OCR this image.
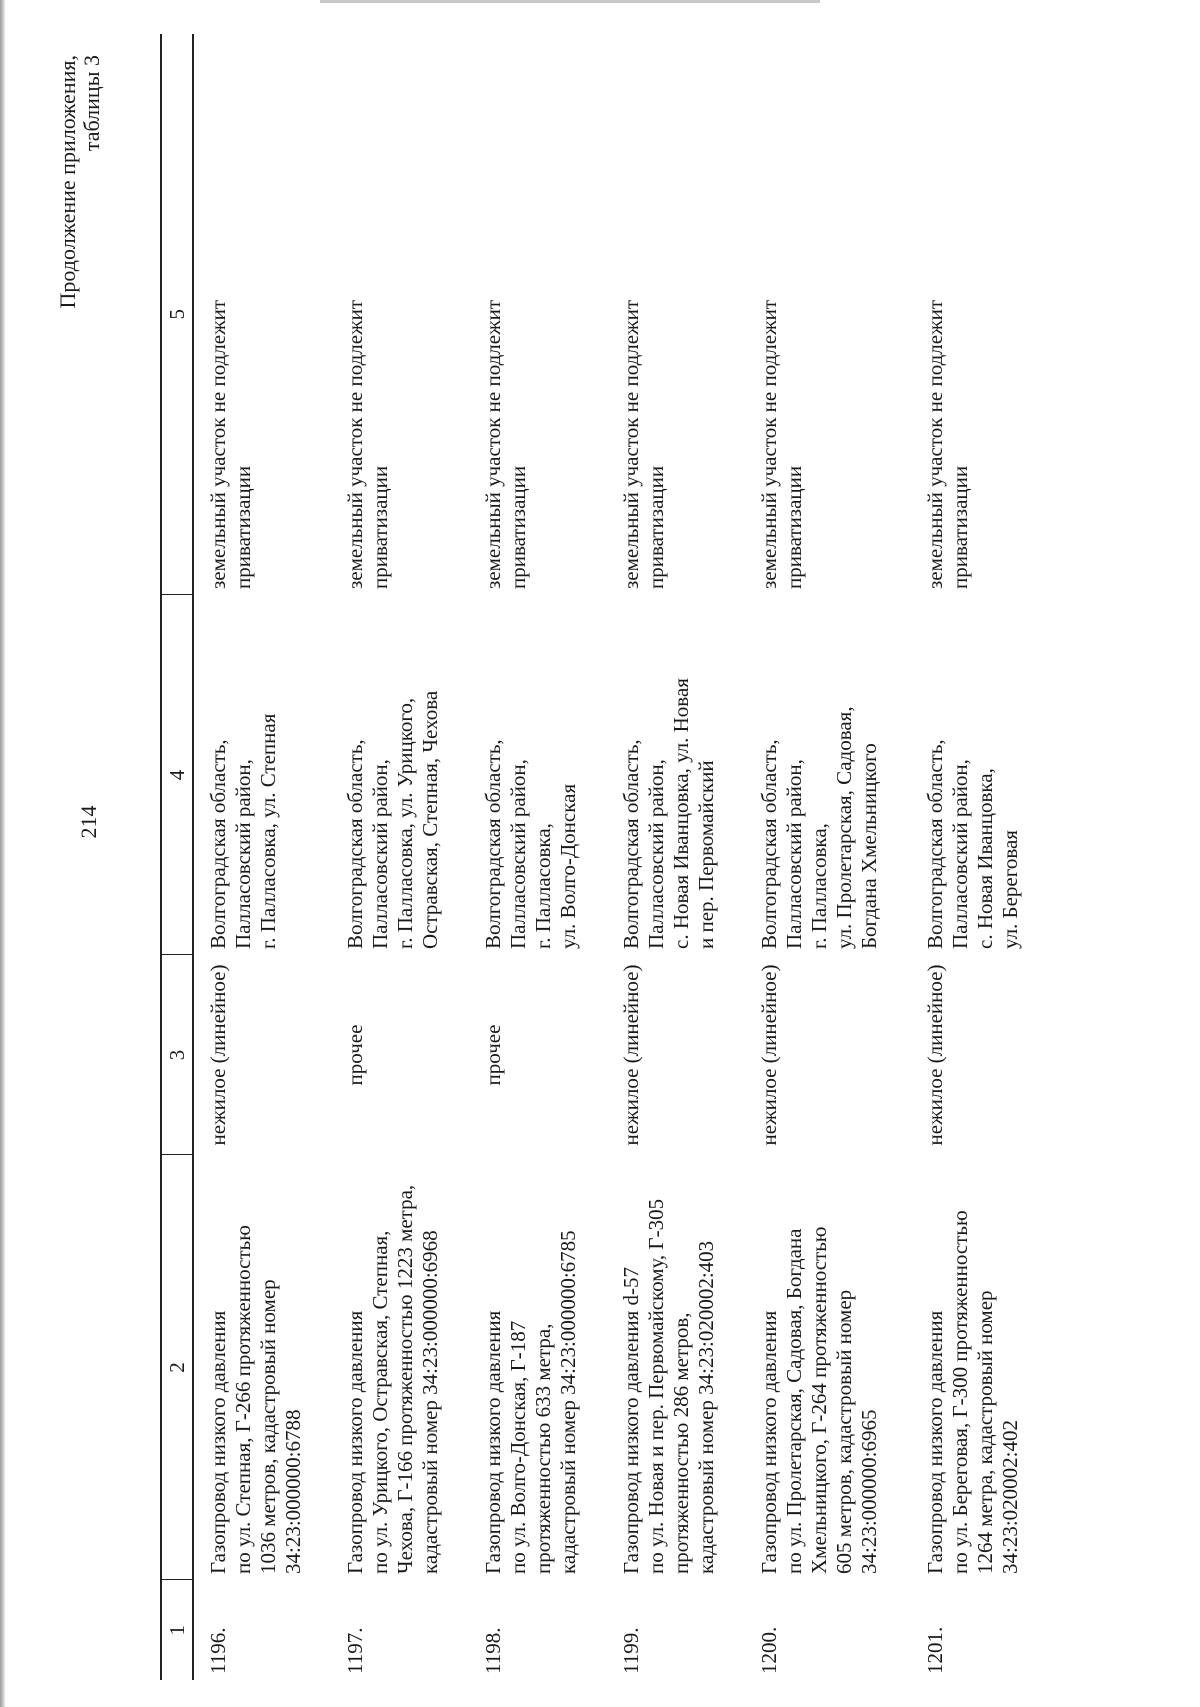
214
Продолжение приложения, таблицы 3
1	2	3	4	5
1196.	Газопровод низкого давления по ул. Степная, Г-266 протяженностью 1036 метров, кадастровый номер 34:23:000000:6788	нежилое (линейное)	Волгоградская область, Палласовский район, г. Палласовка, ул. Степная	земельный участок не подлежит приватизации

1197.	Газопровод низкого давления по ул. Урицкого, Остравская, Степная, Чехова, Г-166 протяженностью 1223 метра, кадастровый номер 34:23:000000:6968	прочее	Волгоградская область, Палласовский район, г. Палласовка, ул. Урицкого, Остравская, Степная, Чехова	земельный участок не подлежит приватизации

1198.	Газопровод низкого давления по ул. Волго-Донская, Г-187 протяженностью 633 метра, кадастровый номер 34:23:000000:6785	прочее	Волгоградская область, Палласовский район, г. Палласовка, ул. Волго-Донская	земельный участок не подлежит приватизации

1199.	Газопровод низкого давления d-57 по ул. Новая и пер. Первомайскому, Г-305 протяженностью 286 метров, кадастровый номер 34:23:020002:403	нежилое (линейное)	Волгоградская область, Палласовский район, с. Новая Иванцовка, ул. Новая и пер. Первомайский	земельный участок не подлежит приватизации

1200.	Газопровод низкого давления по ул. Пролетарская, Садовая, Богдана Хмельницкого, Г-264 протяженностью 605 метров, кадастровый номер 34:23:000000:6965	нежилое (линейное)	Волгоградская область, Палласовский район, г. Палласовка, ул. Пролетарская, Садовая, Богдана Хмельницкого	земельный участок не подлежит приватизации

1201.	Газопровод низкого давления по ул. Береговая, Г-300 протяженностью 1264 метра, кадастровый номер 34:23:020002:402	нежилое (линейное)	Волгоградская область, Палласовский район, с. Новая Иванцовка, ул. Береговая	земельный участок не подлежит приватизации
